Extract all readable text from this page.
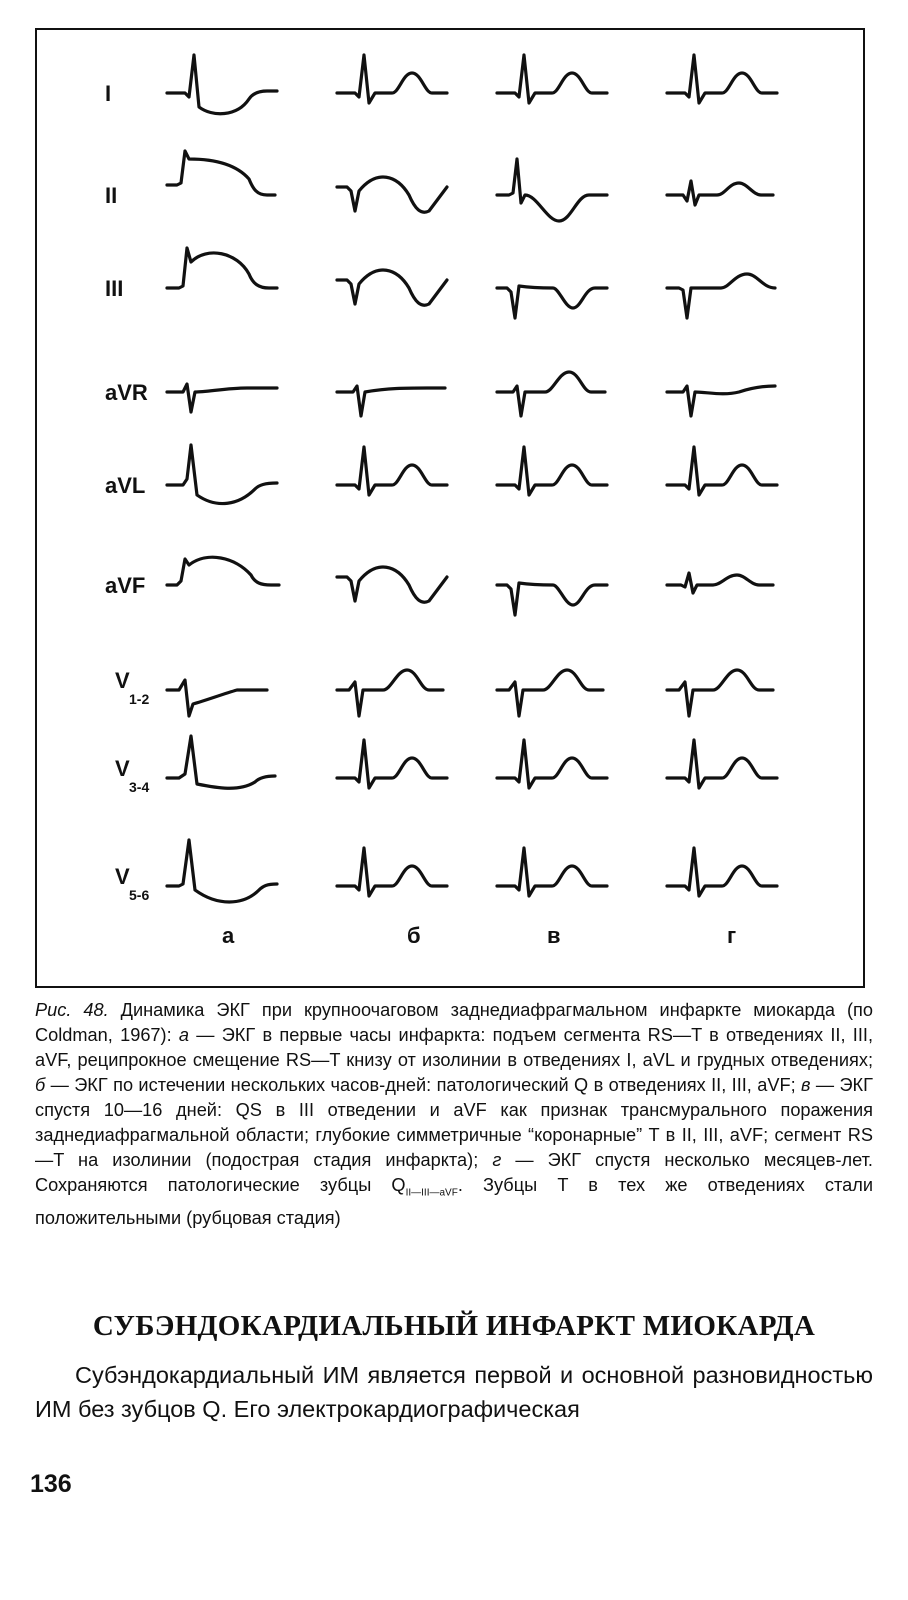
I
II
III
aVR
aVL
aVF
V
1-2
V
3-4
V
5-6
а	б	в	г
Рис. 48. Динамика ЭКГ при крупноочаговом заднедиафрагмальном инфаркте миокарда (по Coldman, 1967): а — ЭКГ в первые часы инфаркта: подъем сегмента RS—T в отведениях II, III, aVF, реципрокное смещение RS—T книзу от изолинии в отведениях I, aVL и грудных отведениях; б — ЭКГ по истечении нескольких часов-дней: патологический Q в отведениях II, III, aVF; в — ЭКГ спустя 10—16 дней: QS в III отведении и aVF как признак трансмурального поражения заднедиафрагмальной области; глубокие симметричные “коронарные” T в II, III, aVF; сегмент RS—T на изолинии (подострая стадия инфаркта); г — ЭКГ спустя несколько месяцев-лет. Сохраняются патологические зубцы $Q_{II—III—aVF}$. Зубцы T в тех же отведениях стали положительными (рубцовая стадия)
СУБЭНДОКАРДИАЛЬНЫЙ ИНФАРКТ МИОКАРДА
Субэндокардиальный ИМ является первой и основной разновидностью ИМ без зубцов Q. Его электрокардиографическая
136
